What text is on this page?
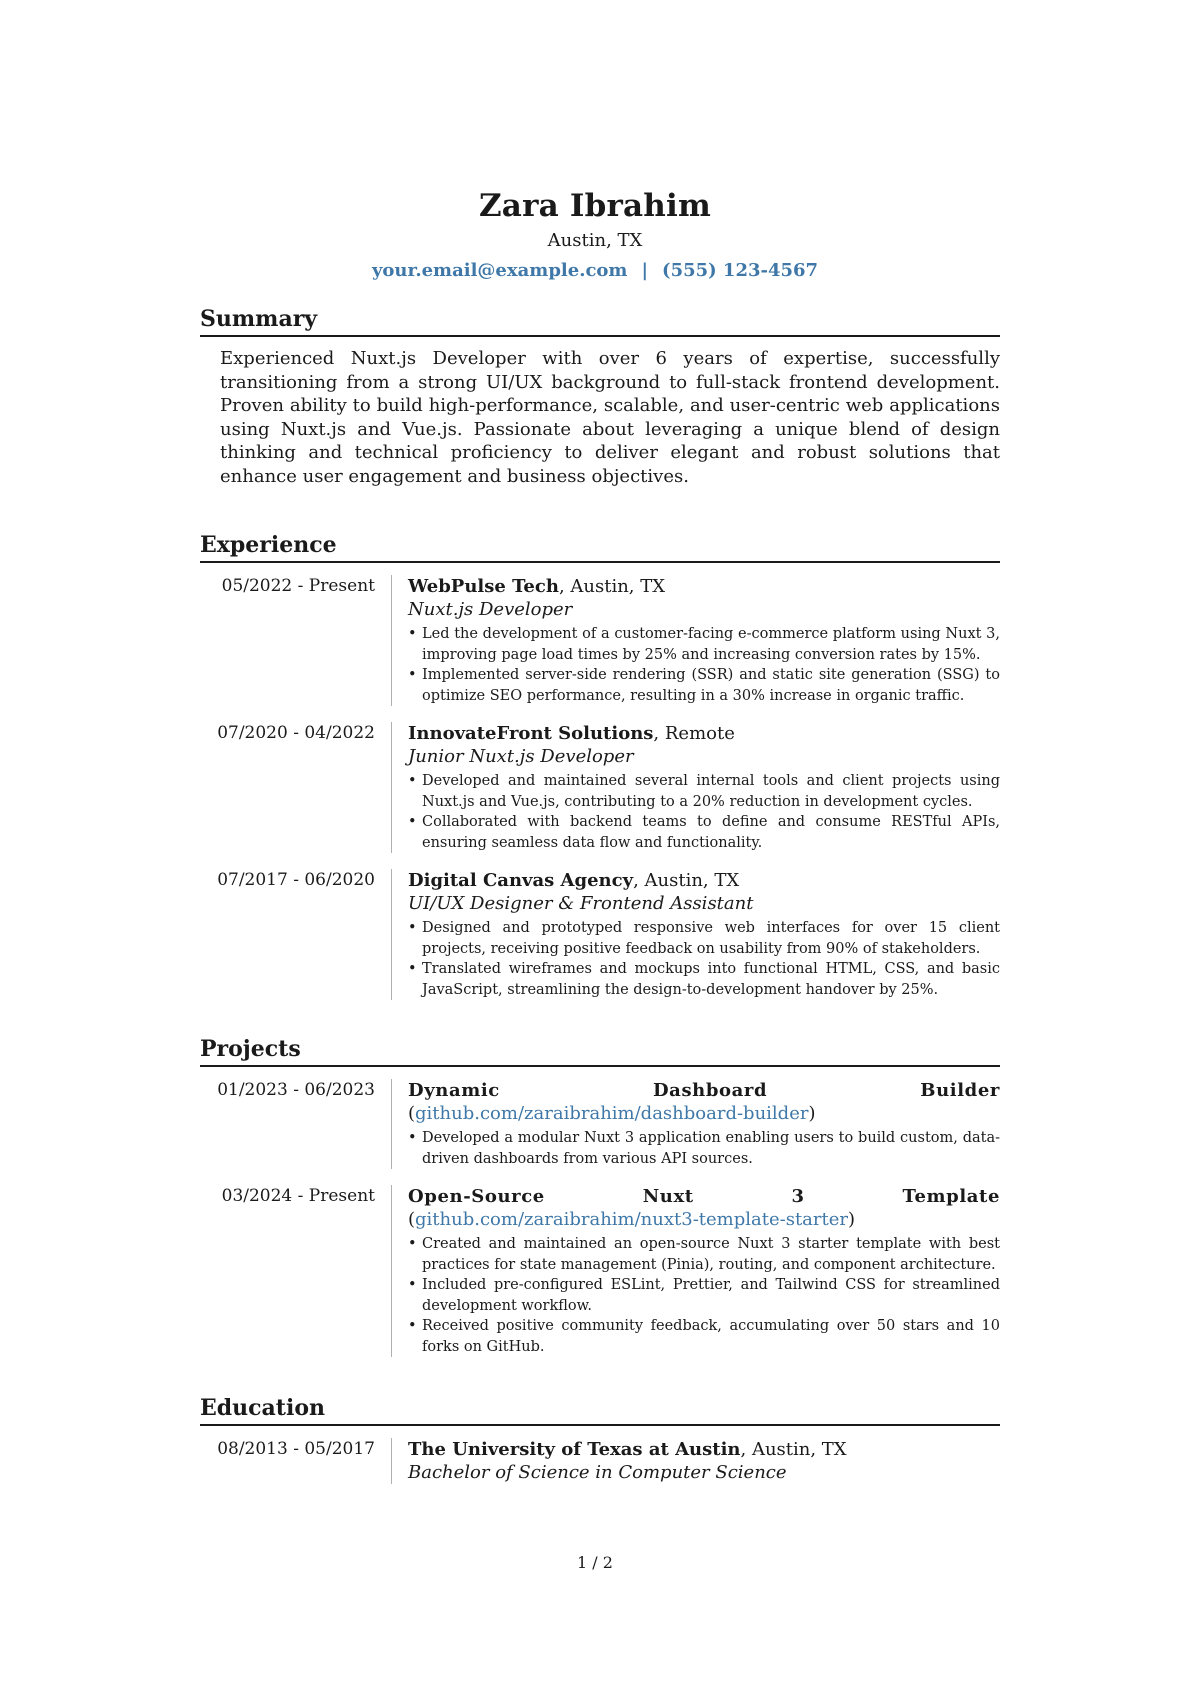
Zara Ibrahim
Austin, TX
your.email@example.com | (555) 123-4567
Summary

Experienced Nuxt.js Developer with over 6 years of expertise, successfully transitioning from a strong UI/UX background to full-stack frontend development. Proven ability to build high-performance, scalable, and user-centric web applications using Nuxt.js and Vue.js. Passionate about leveraging a unique blend of design thinking and technical proficiency to deliver elegant and robust solutions that enhance user engagement and business objectives.

Experience
05/2022 - Present	WebPulse Tech, Austin, TX
Nuxt.js Developer
• Led the development of a customer-facing e-commerce platform using Nuxt 3, improving page load times by 25% and increasing conversion rates by 15%.
• Implemented server-side rendering (SSR) and static site generation (SSG) to optimize SEO performance, resulting in a 30% increase in organic traffic.
07/2020 - 04/2022	InnovateFront Solutions, Remote
Junior Nuxt.js Developer
• Developed and maintained several internal tools and client projects using Nuxt.js and Vue.js, contributing to a 20% reduction in development cycles.
• Collaborated with backend teams to define and consume RESTful APIs, ensuring seamless data flow and functionality.
07/2017 - 06/2020	Digital Canvas Agency, Austin, TX
UI/UX Designer & Frontend Assistant
• Designed and prototyped responsive web interfaces for over 15 client projects, receiving positive feedback on usability from 90% of stakeholders.
• Translated wireframes and mockups into functional HTML, CSS, and basic JavaScript, streamlining the design-to-development handover by 25%.
Projects
01/2023 - 06/2023	Dynamic Dashboard Builder (github.com/zaraibrahim/dashboard-builder)
• Developed a modular Nuxt 3 application enabling users to build custom, data-driven dashboards from various API sources.
03/2024 - Present	Open-Source Nuxt 3 Template (github.com/zaraibrahim/nuxt3-template-starter)
• Created and maintained an open-source Nuxt 3 starter template with best practices for state management (Pinia), routing, and component architecture.
• Included pre-configured ESLint, Prettier, and Tailwind CSS for streamlined development workflow.
• Received positive community feedback, accumulating over 50 stars and 10 forks on GitHub.
Education
08/2013 - 05/2017	The University of Texas at Austin, Austin, TX
Bachelor of Science in Computer Science
1 / 2
